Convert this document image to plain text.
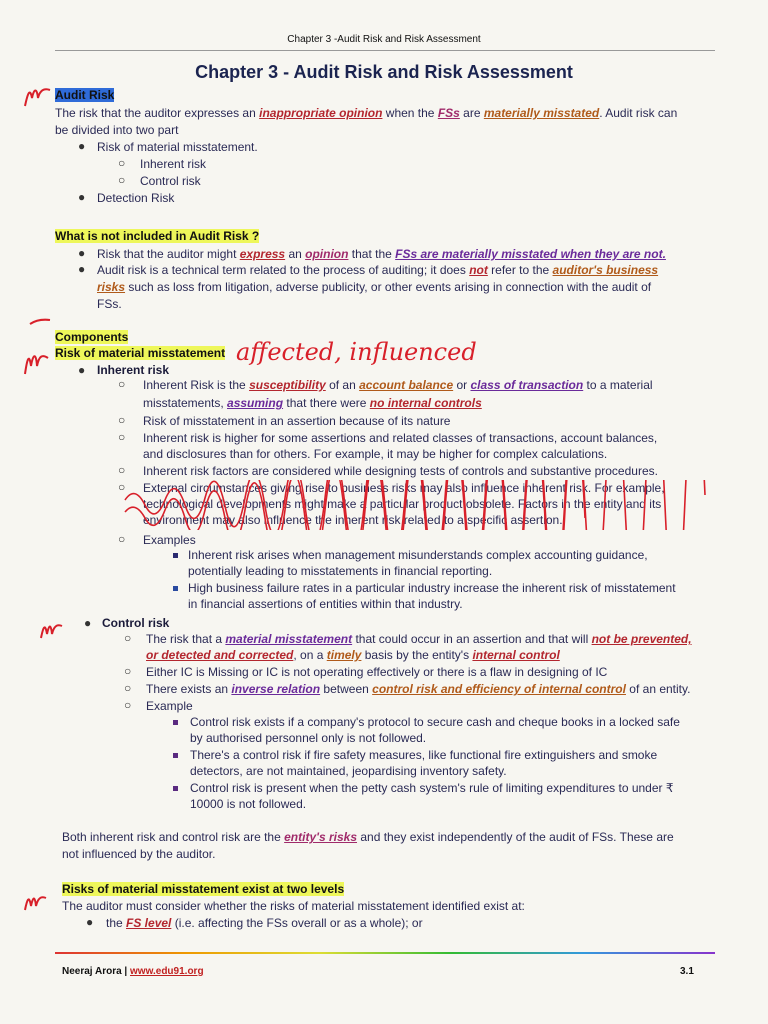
Chapter 3 -Audit Risk and Risk Assessment
Chapter 3 - Audit Risk and Risk Assessment
Audit Risk
The risk that the auditor expresses an inappropriate opinion when the FSs are materially misstated. Audit risk can
be divided into two part
● Risk of material misstatement.
○ Inherent risk
○ Control risk
● Detection Risk
What is not included in Audit Risk ?
● Risk that the auditor might express an opinion that the FSs are materially misstated when they are not.
● Audit risk is a technical term related to the process of auditing; it does not refer to the auditor's business
risks such as loss from litigation, adverse publicity, or other events arising in connection with the audit of
FSs.
Components
Risk of material misstatement affected, influenced
● Inherent risk
○ Inherent Risk is the susceptibility of an account balance or class of transaction to a material
misstatements, assuming that there were no internal controls
○ Risk of misstatement in an assertion because of its nature
○ Inherent risk is higher for some assertions and related classes of transactions, account balances,
and disclosures than for others. For example, it may be higher for complex calculations.
○ Inherent risk factors are considered while designing tests of controls and substantive procedures.
○ External circumstances giving rise to business risks may also influence inherent risk. For example,
technological developments might make a particular product obsolete. Factors in the entity and its
environment may also influence the inherent risk related to a specific assertion.
○ Examples
Inherent risk arises when management misunderstands complex accounting guidance,
potentially leading to misstatements in financial reporting.
High business failure rates in a particular industry increase the inherent risk of misstatement
in financial assertions of entities within that industry.
● Control risk
○ The risk that a material misstatement that could occur in an assertion and that will not be prevented,
or detected and corrected, on a timely basis by the entity's internal control
○ Either IC is Missing or IC is not operating effectively or there is a flaw in designing of IC
○ There exists an inverse relation between control risk and efficiency of internal control of an entity.
○ Example
Control risk exists if a company's protocol to secure cash and cheque books in a locked safe
by authorised personnel only is not followed.
There's a control risk if fire safety measures, like functional fire extinguishers and smoke
detectors, are not maintained, jeopardising inventory safety.
Control risk is present when the petty cash system's rule of limiting expenditures to under ₹
10000 is not followed.
Both inherent risk and control risk are the entity's risks and they exist independently of the audit of FSs. These are
not influenced by the auditor.
Risks of material misstatement exist at two levels
The auditor must consider whether the risks of material misstatement identified exist at:
● the FS level (i.e. affecting the FSs overall or as a whole); or
Neeraj Arora | www.edu91.org	3.1
